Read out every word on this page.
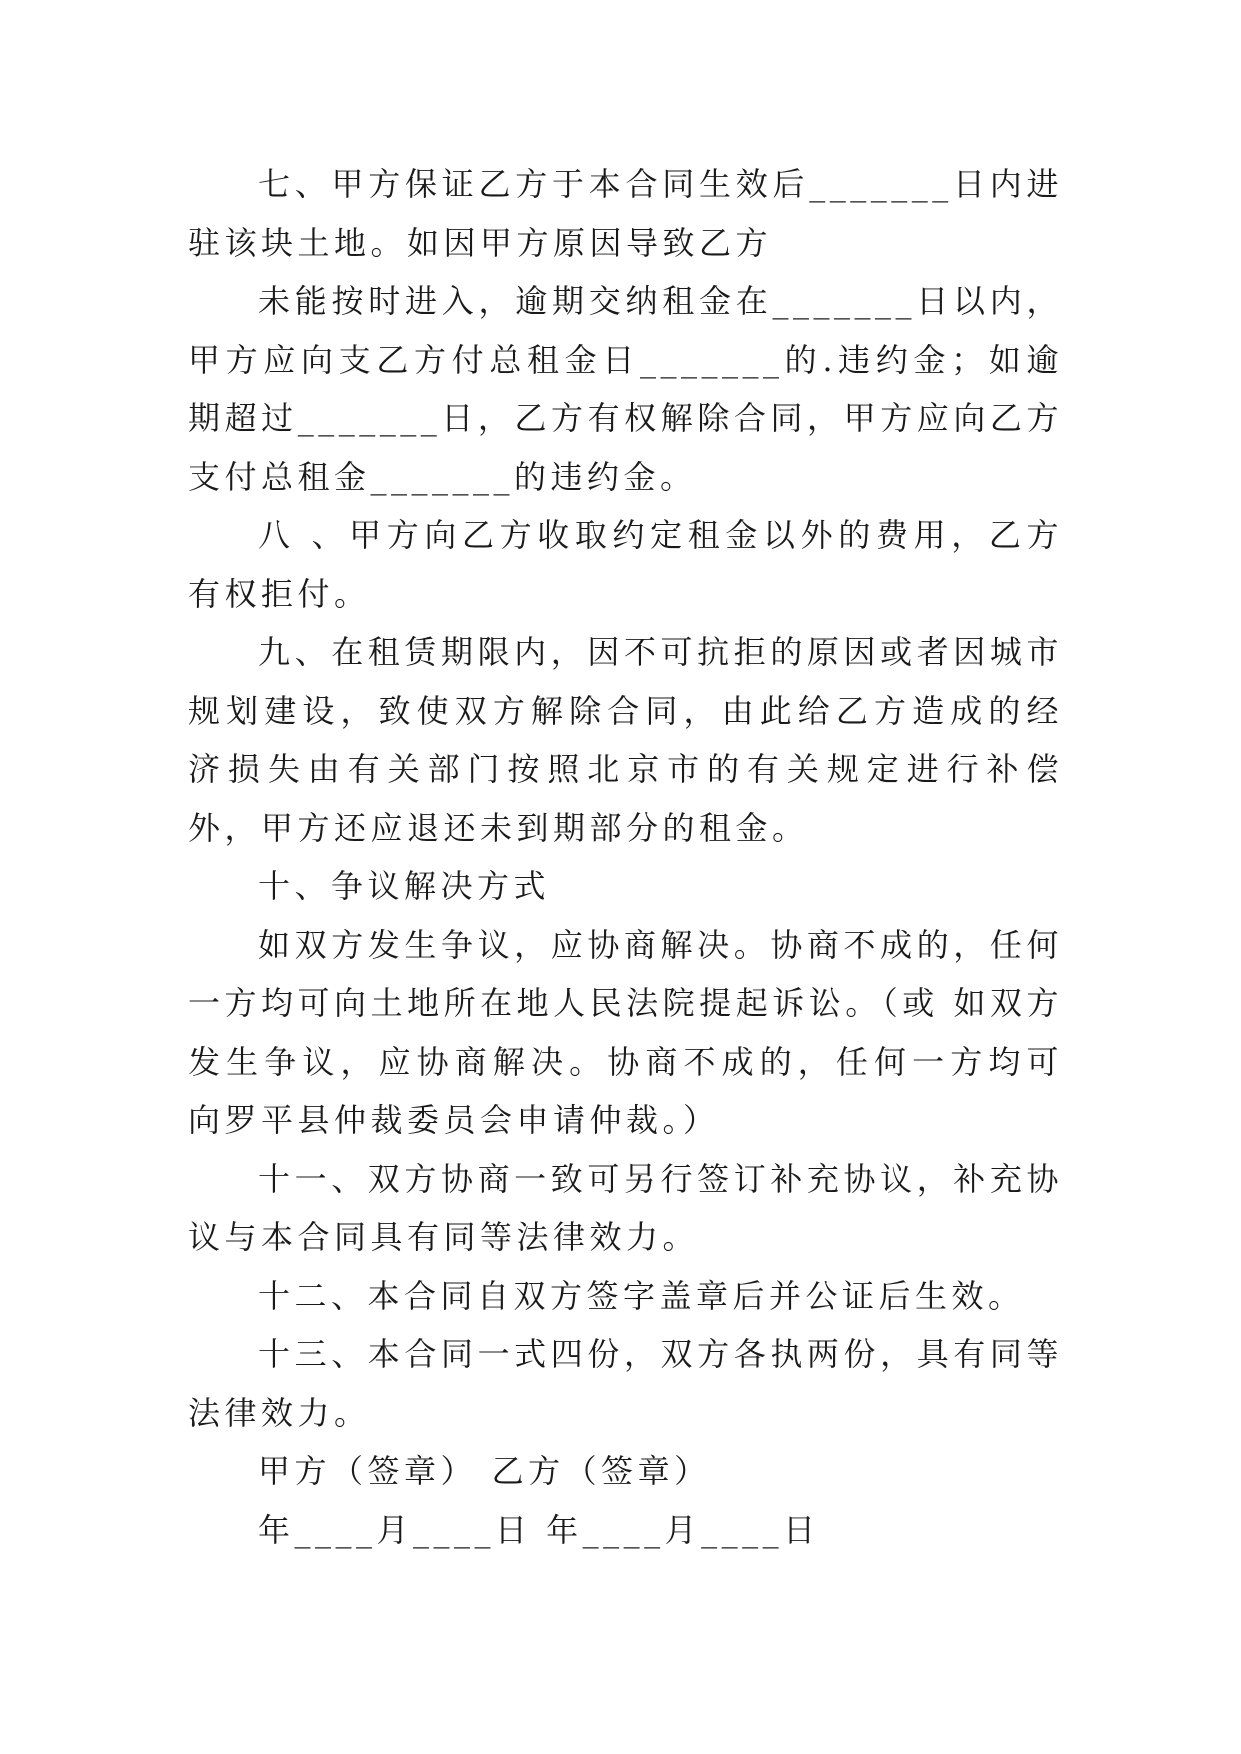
七、甲方保证乙方于本合同生效后_______日内进驻该块土地。如因甲方原因导致乙方

未能按时进入，逾期交纳租金在_______日以内，甲方应向支乙方付总租金日_______的.违约金；如逾期超过_______日，乙方有权解除合同，甲方应向乙方支付总租金_______的违约金。

八 、甲方向乙方收取约定租金以外的费用，乙方有权拒付。

九、在租赁期限内，因不可抗拒的原因或者因城市规划建设，致使双方解除合同，由此给乙方造成的经济损失由有关部门按照北京市的有关规定进行补偿外，甲方还应退还未到期部分的租金。

十、争议解决方式

如双方发生争议，应协商解决。协商不成的，任何一方均可向土地所在地人民法院提起诉讼。（或 如双方发生争议，应协商解决。协商不成的，任何一方均可向罗平县仲裁委员会申请仲裁。）

十一、双方协商一致可另行签订补充协议，补充协议与本合同具有同等法律效力。

十二、本合同自双方签字盖章后并公证后生效。

十三、本合同一式四份，双方各执两份，具有同等法律效力。

甲方（签章） 乙方（签章）

年____月____日 年____月____日
